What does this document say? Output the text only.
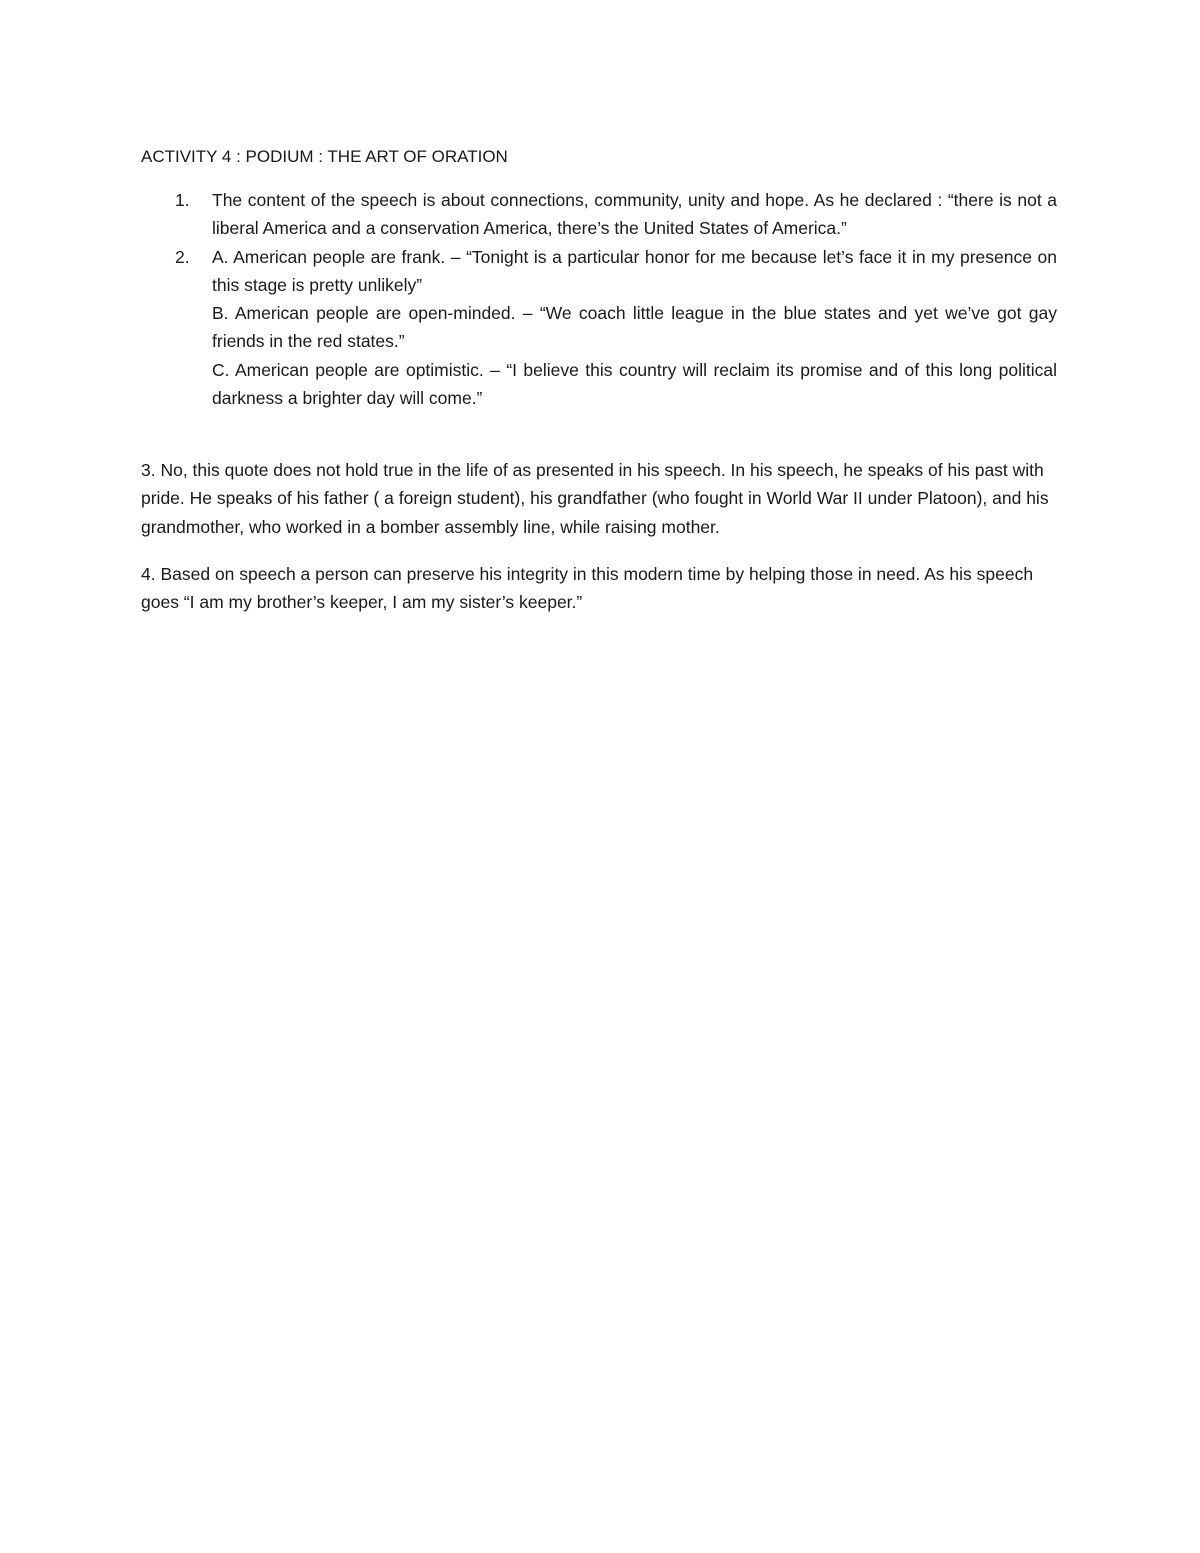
ACTIVITY 4 : PODIUM : THE ART OF ORATION
1. The content of the speech is about connections, community, unity and hope. As he declared : “there is not a liberal America and a conservation America, there’s the United States of America.”
2. A. American people are frank. – “Tonight is a particular honor for me because let’s face it in my presence on this stage is pretty unlikely”
B. American people are open-minded. – “We coach little league in the blue states and yet we’ve got gay friends in the red states.”
C. American people are optimistic. – “I believe this country will reclaim its promise and of this long political darkness a brighter day will come.”

3. No, this quote does not hold true in the life of as presented in his speech. In his speech, he speaks of his past with pride. He speaks of his father ( a foreign student), his grandfather (who fought in World War II under Platoon), and his grandmother, who worked in a bomber assembly line, while raising mother.

4. Based on speech a person can preserve his integrity in this modern time by helping those in need. As his speech goes “I am my brother’s keeper, I am my sister’s keeper.”
